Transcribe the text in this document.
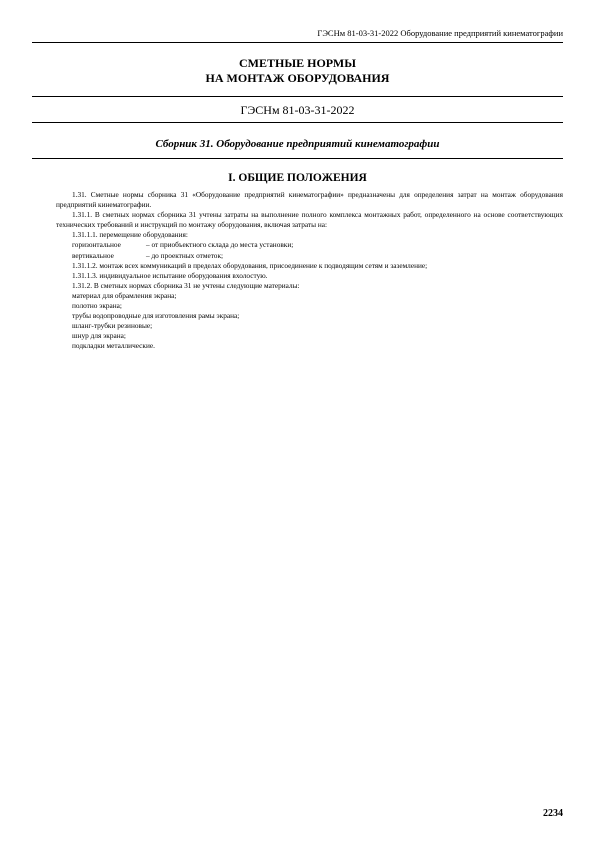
ГЭСНм 81-03-31-2022 Оборудование предприятий кинематографии
СМЕТНЫЕ НОРМЫ
НА МОНТАЖ ОБОРУДОВАНИЯ
ГЭСНм 81-03-31-2022
Сборник 31. Оборудование предприятий кинематографии
I. ОБЩИЕ ПОЛОЖЕНИЯ

1.31. Сметные нормы сборника 31 «Оборудование предприятий кинематографии» предназначены для определения затрат на монтаж оборудования предприятий кинематографии.

1.31.1. В сметных нормах сборника 31 учтены затраты на выполнение полного комплекса монтажных работ, определенного на основе соответствующих технических требований и инструкций по монтажу оборудования, включая затраты на:

1.31.1.1. перемещение оборудования:

горизонтальное	– от приобъектного склада до места установки;
вертикальное	– до проектных отметок;

1.31.1.2. монтаж всех коммуникаций в пределах оборудования, присоединение к подводящим сетям и заземление;

1.31.1.3. индивидуальное испытание оборудования вхолостую.

1.31.2. В сметных нормах сборника 31 не учтены следующие материалы:

материал для обрамления экрана;

полотно экрана;

трубы водопроводные для изготовления рамы экрана;

шланг-трубки резиновые;

шнур для экрана;

подкладки металлические.

2234
